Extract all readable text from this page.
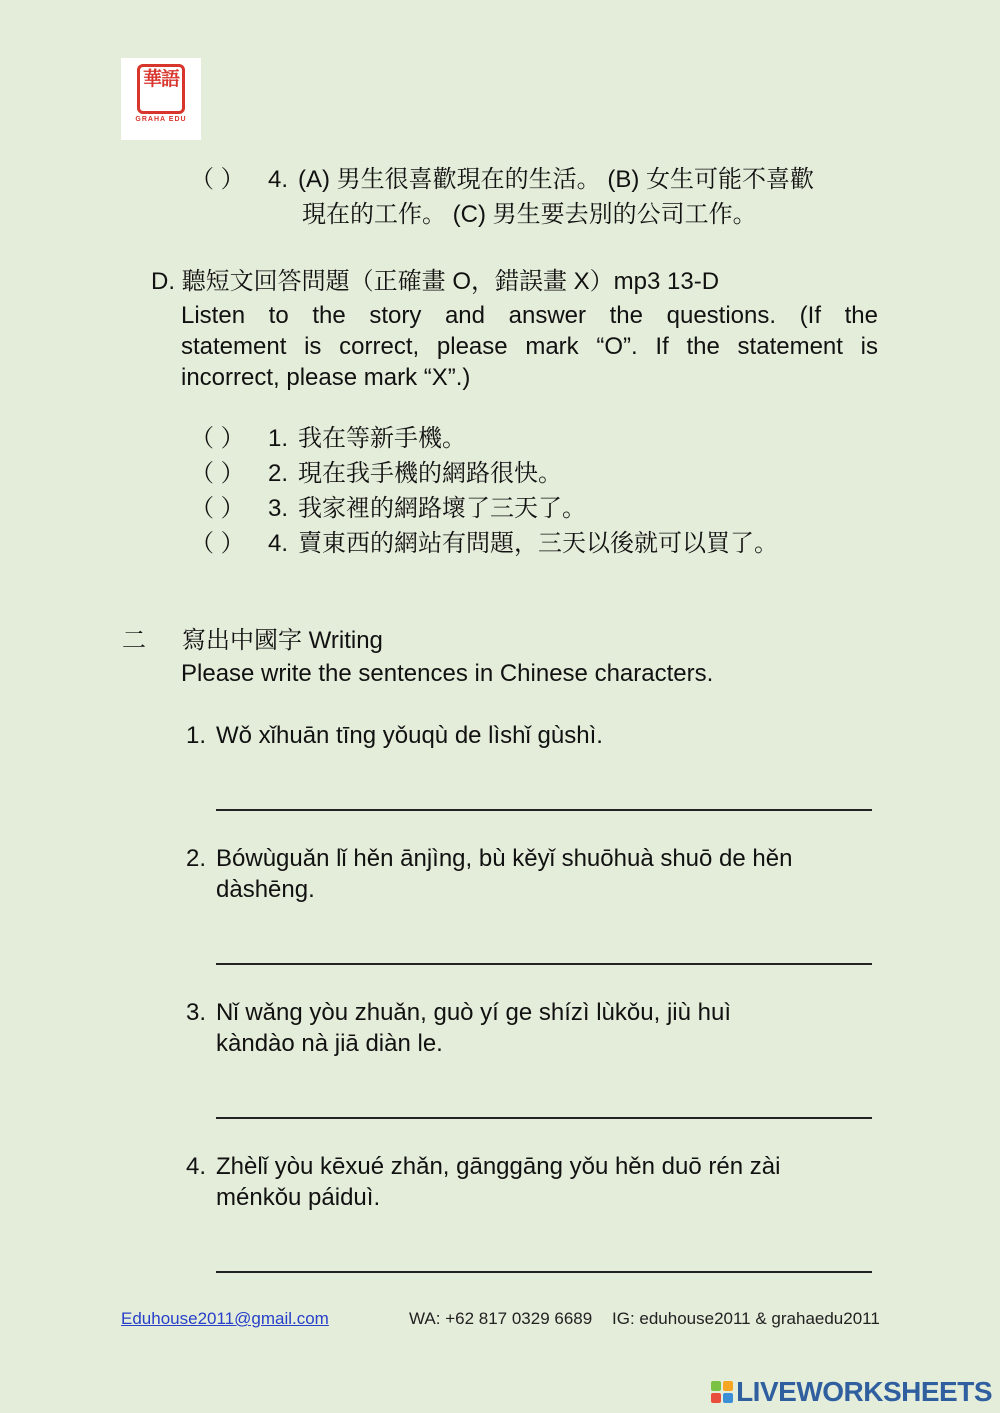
華語
GRAHA EDU
（ ） 4. (A) 男生很喜歡現在的生活。 (B) 女生可能不喜歡
現在的工作。 (C) 男生要去別的公司工作。
D. 聽短文回答問題（正確畫 O，錯誤畫 X）mp3 13-D
Listen to the story and answer the questions. (If the
statement is correct, please mark “O”. If the statement is
incorrect, please mark “X”.)
（ ） 1. 我在等新手機。
（ ） 2. 現在我手機的網路很快。
（ ） 3. 我家裡的網路壞了三天了。
（ ） 4. 賣東西的網站有問題，三天以後就可以買了。
二 寫出中國字 Writing
Please write the sentences in Chinese characters.
1. Wǒ xǐhuān tīng yǒuqù de lìshǐ gùshì.
2. Bówùguǎn lǐ hěn ānjìng, bù kěyǐ shuōhuà shuō de hěn
dàshēng.
3. Nǐ wǎng yòu zhuǎn, guò yí ge shízì lùkǒu, jiù huì
kàndào nà jiā diàn le.
4. Zhèlǐ yòu kēxué zhǎn, gānggāng yǒu hěn duō rén zài
ménkǒu páiduì.
Eduhouse2011@gmail.com	WA: +62 817 0329 6689 IG: eduhouse2011 & grahaedu2011
LIVEWORKSHEETS
